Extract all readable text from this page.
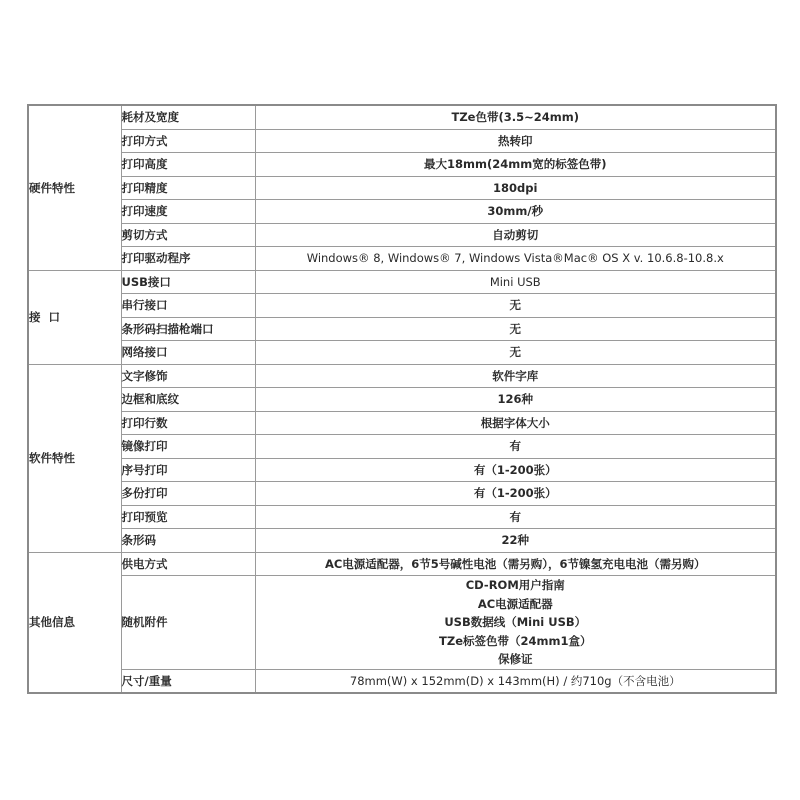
硬件特性	耗材及宽度	TZe色带(3.5~24mm)
	打印方式	热转印
	打印高度	最大18mm(24mm宽的标签色带)
	打印精度	180dpi
	打印速度	30mm/秒
	剪切方式	自动剪切
	打印驱动程序	Windows® 8, Windows® 7, Windows Vista®Mac® OS X v. 10.6.8-10.8.x
接  口	USB接口	Mini USB
	串行接口	无
	条形码扫描枪端口	无
	网络接口	无
软件特性	文字修饰	软件字库
	边框和底纹	126种
	打印行数	根据字体大小
	镜像打印	有
	序号打印	有（1-200张）
	多份打印	有（1-200张）
	打印预览	有
	条形码	22种
其他信息	供电方式	AC电源适配器，6节5号碱性电池（需另购），6节镍氢充电电池（需另购）
	随机附件	CD-ROM用户指南
AC电源适配器
USB数据线（Mini USB）
TZe标签色带（24mm1盒）
保修证

	尺寸/重量	78mm(W) x 152mm(D) x 143mm(H) / 约710g（不含电池）
